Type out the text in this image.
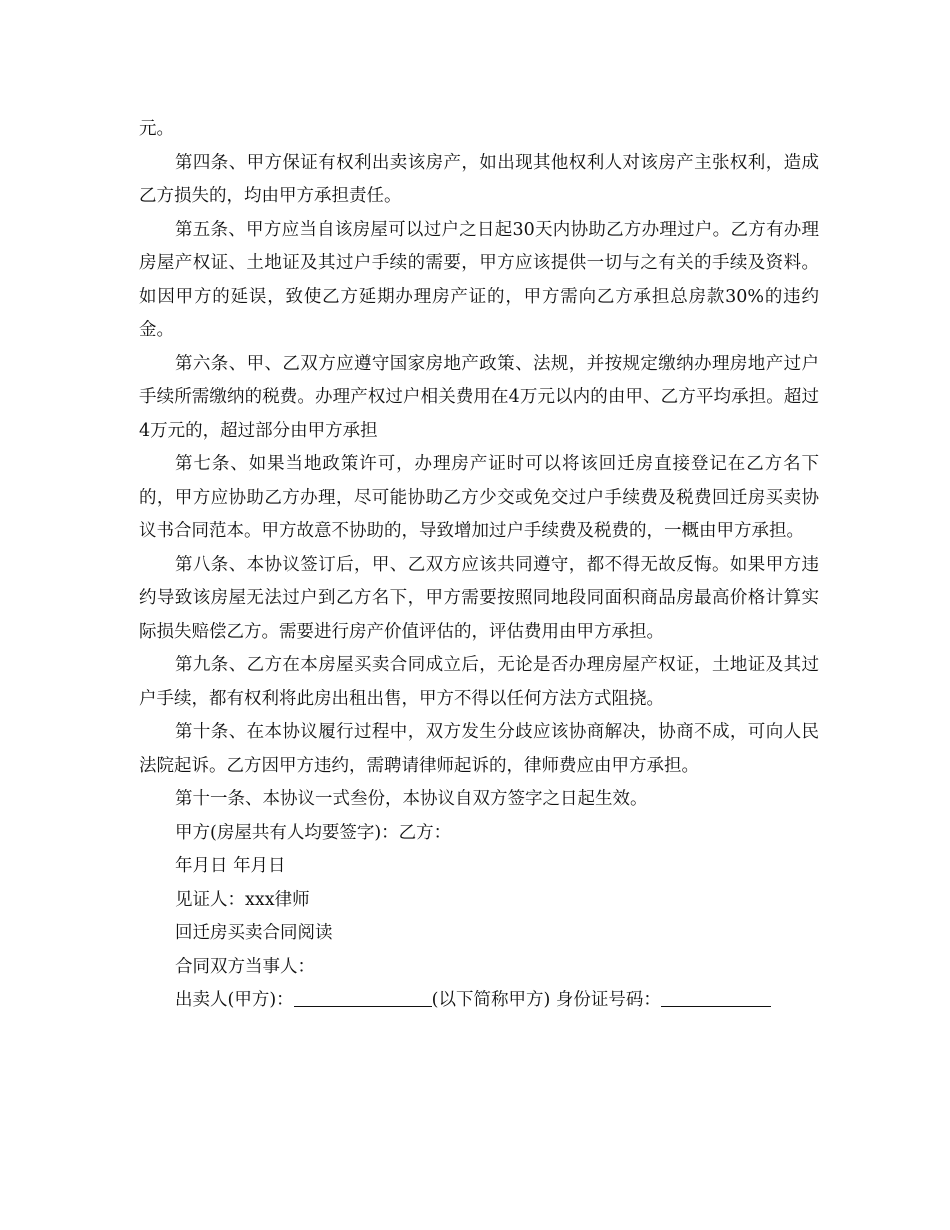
元。

第四条、甲方保证有权利出卖该房产，如出现其他权利人对该房产主张权利，造成乙方损失的，均由甲方承担责任。

第五条、甲方应当自该房屋可以过户之日起30天内协助乙方办理过户。乙方有办理房屋产权证、土地证及其过户手续的需要，甲方应该提供一切与之有关的手续及资料。如因甲方的延误，致使乙方延期办理房产证的，甲方需向乙方承担总房款30%的违约金。

第六条、甲、乙双方应遵守国家房地产政策、法规，并按规定缴纳办理房地产过户手续所需缴纳的税费。办理产权过户相关费用在4万元以内的由甲、乙方平均承担。超过4万元的，超过部分由甲方承担

第七条、如果当地政策许可，办理房产证时可以将该回迁房直接登记在乙方名下的，甲方应协助乙方办理，尽可能协助乙方少交或免交过户手续费及税费回迁房买卖协议书合同范本。甲方故意不协助的，导致增加过户手续费及税费的，一概由甲方承担。

第八条、本协议签订后，甲、乙双方应该共同遵守，都不得无故反悔。如果甲方违约导致该房屋无法过户到乙方名下，甲方需要按照同地段同面积商品房最高价格计算实际损失赔偿乙方。需要进行房产价值评估的，评估费用由甲方承担。

第九条、乙方在本房屋买卖合同成立后，无论是否办理房屋产权证，土地证及其过户手续，都有权利将此房出租出售，甲方不得以任何方法方式阻挠。

第十条、在本协议履行过程中，双方发生分歧应该协商解决，协商不成，可向人民法院起诉。乙方因甲方违约，需聘请律师起诉的，律师费应由甲方承担。

第十一条、本协议一式叁份，本协议自双方签字之日起生效。

甲方(房屋共有人均要签字)：乙方：

年月日 年月日

见证人：xxx律师

回迁房买卖合同阅读

合同双方当事人：

出卖人(甲方)：	(以下简称甲方) 身份证号码：
